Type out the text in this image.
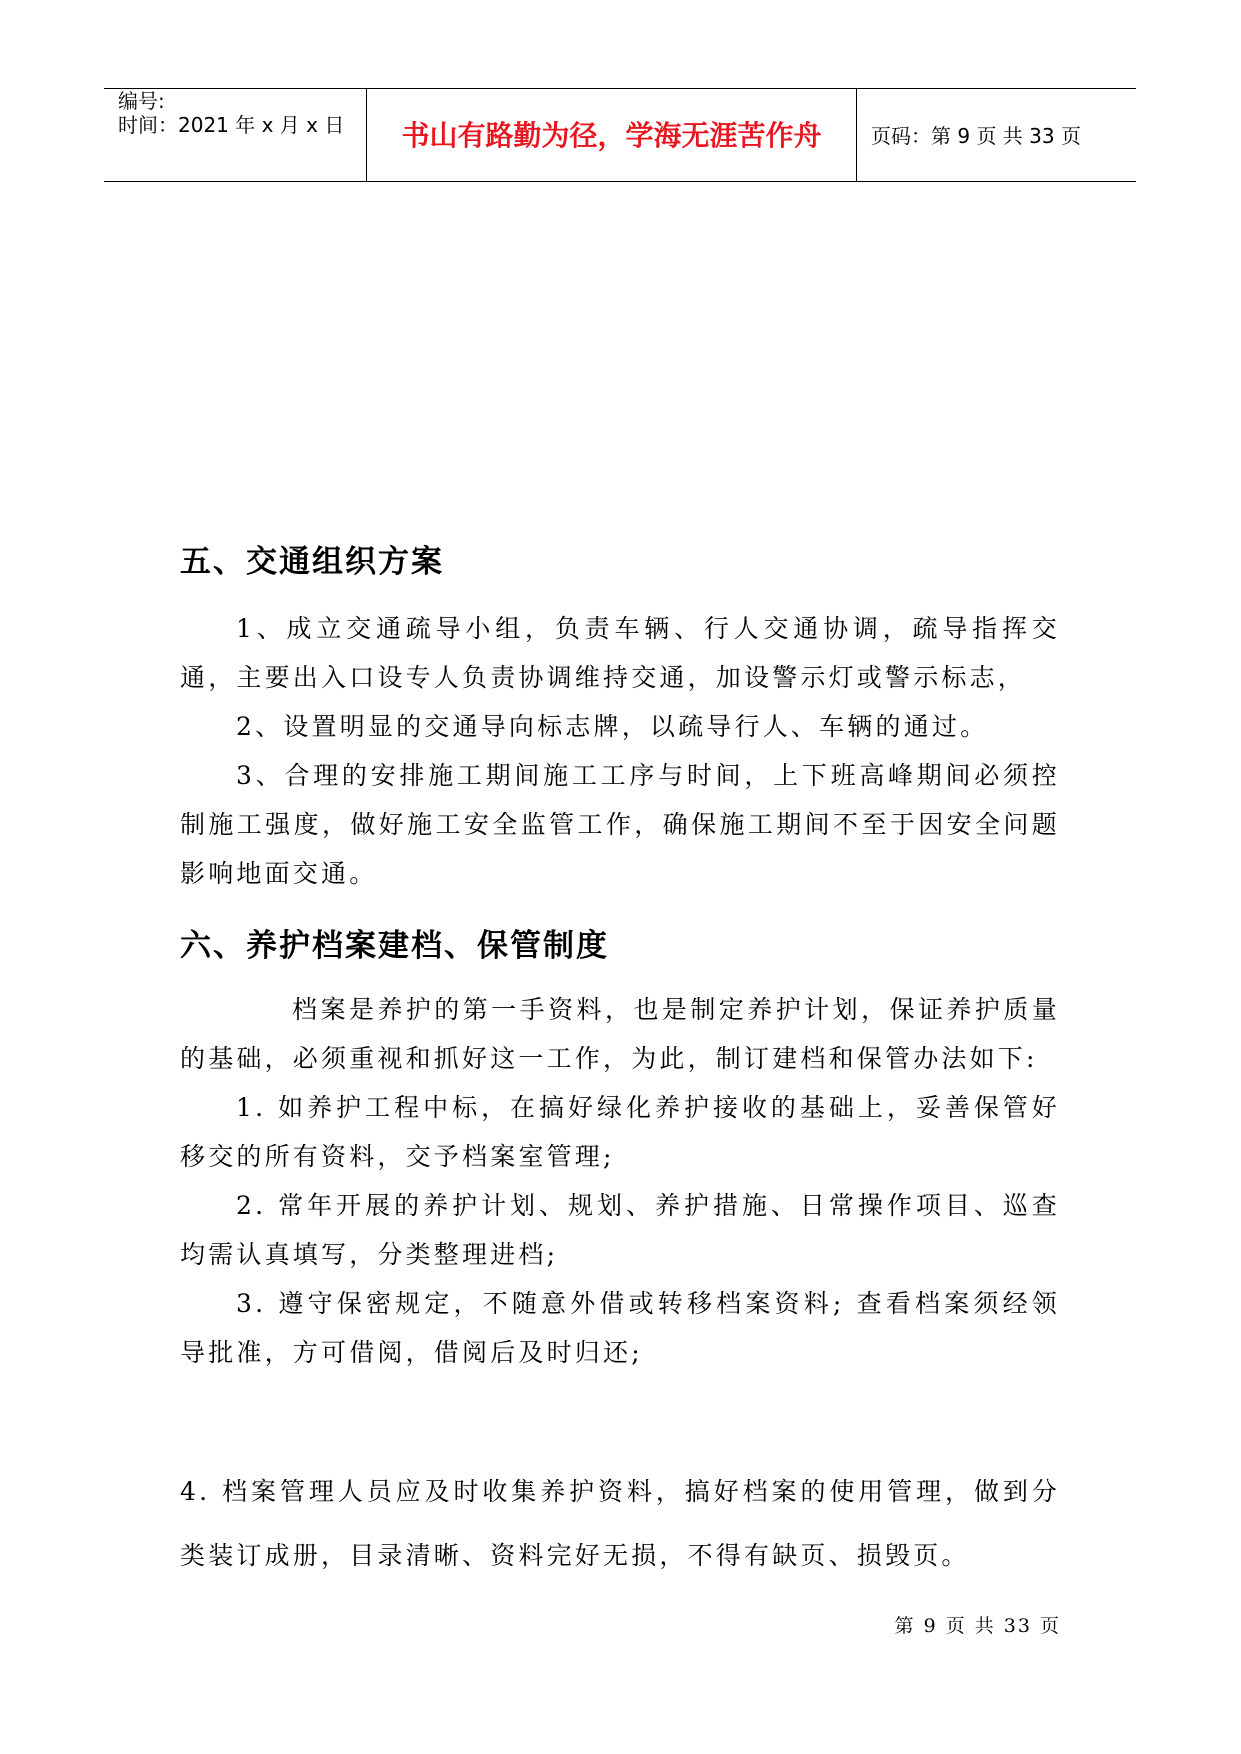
编号:
时间：2021 年 x 月 x 日	书山有路勤为径，学海无涯苦作舟	页码：第 9 页 共 33 页
五、交通组织方案

1、成立交通疏导小组，负责车辆、行人交通协调，疏导指挥交通，主要出入口设专人负责协调维持交通，加设警示灯或警示标志，

2、设置明显的交通导向标志牌，以疏导行人、车辆的通过。

3、合理的安排施工期间施工工序与时间，上下班高峰期间必须控制施工强度，做好施工安全监管工作，确保施工期间不至于因安全问题影响地面交通。

六、养护档案建档、保管制度

档案是养护的第一手资料，也是制定养护计划，保证养护质量的基础，必须重视和抓好这一工作，为此，制订建档和保管办法如下:

1. 如养护工程中标，在搞好绿化养护接收的基础上，妥善保管好移交的所有资料，交予档案室管理;

2. 常年开展的养护计划、规划、养护措施、日常操作项目、巡查均需认真填写，分类整理进档;

3. 遵守保密规定，不随意外借或转移档案资料; 查看档案须经领导批准，方可借阅，借阅后及时归还;

4. 档案管理人员应及时收集养护资料，搞好档案的使用管理，做到分类装订成册，目录清晰、资料完好无损，不得有缺页、损毁页。

第 9 页 共 33 页
